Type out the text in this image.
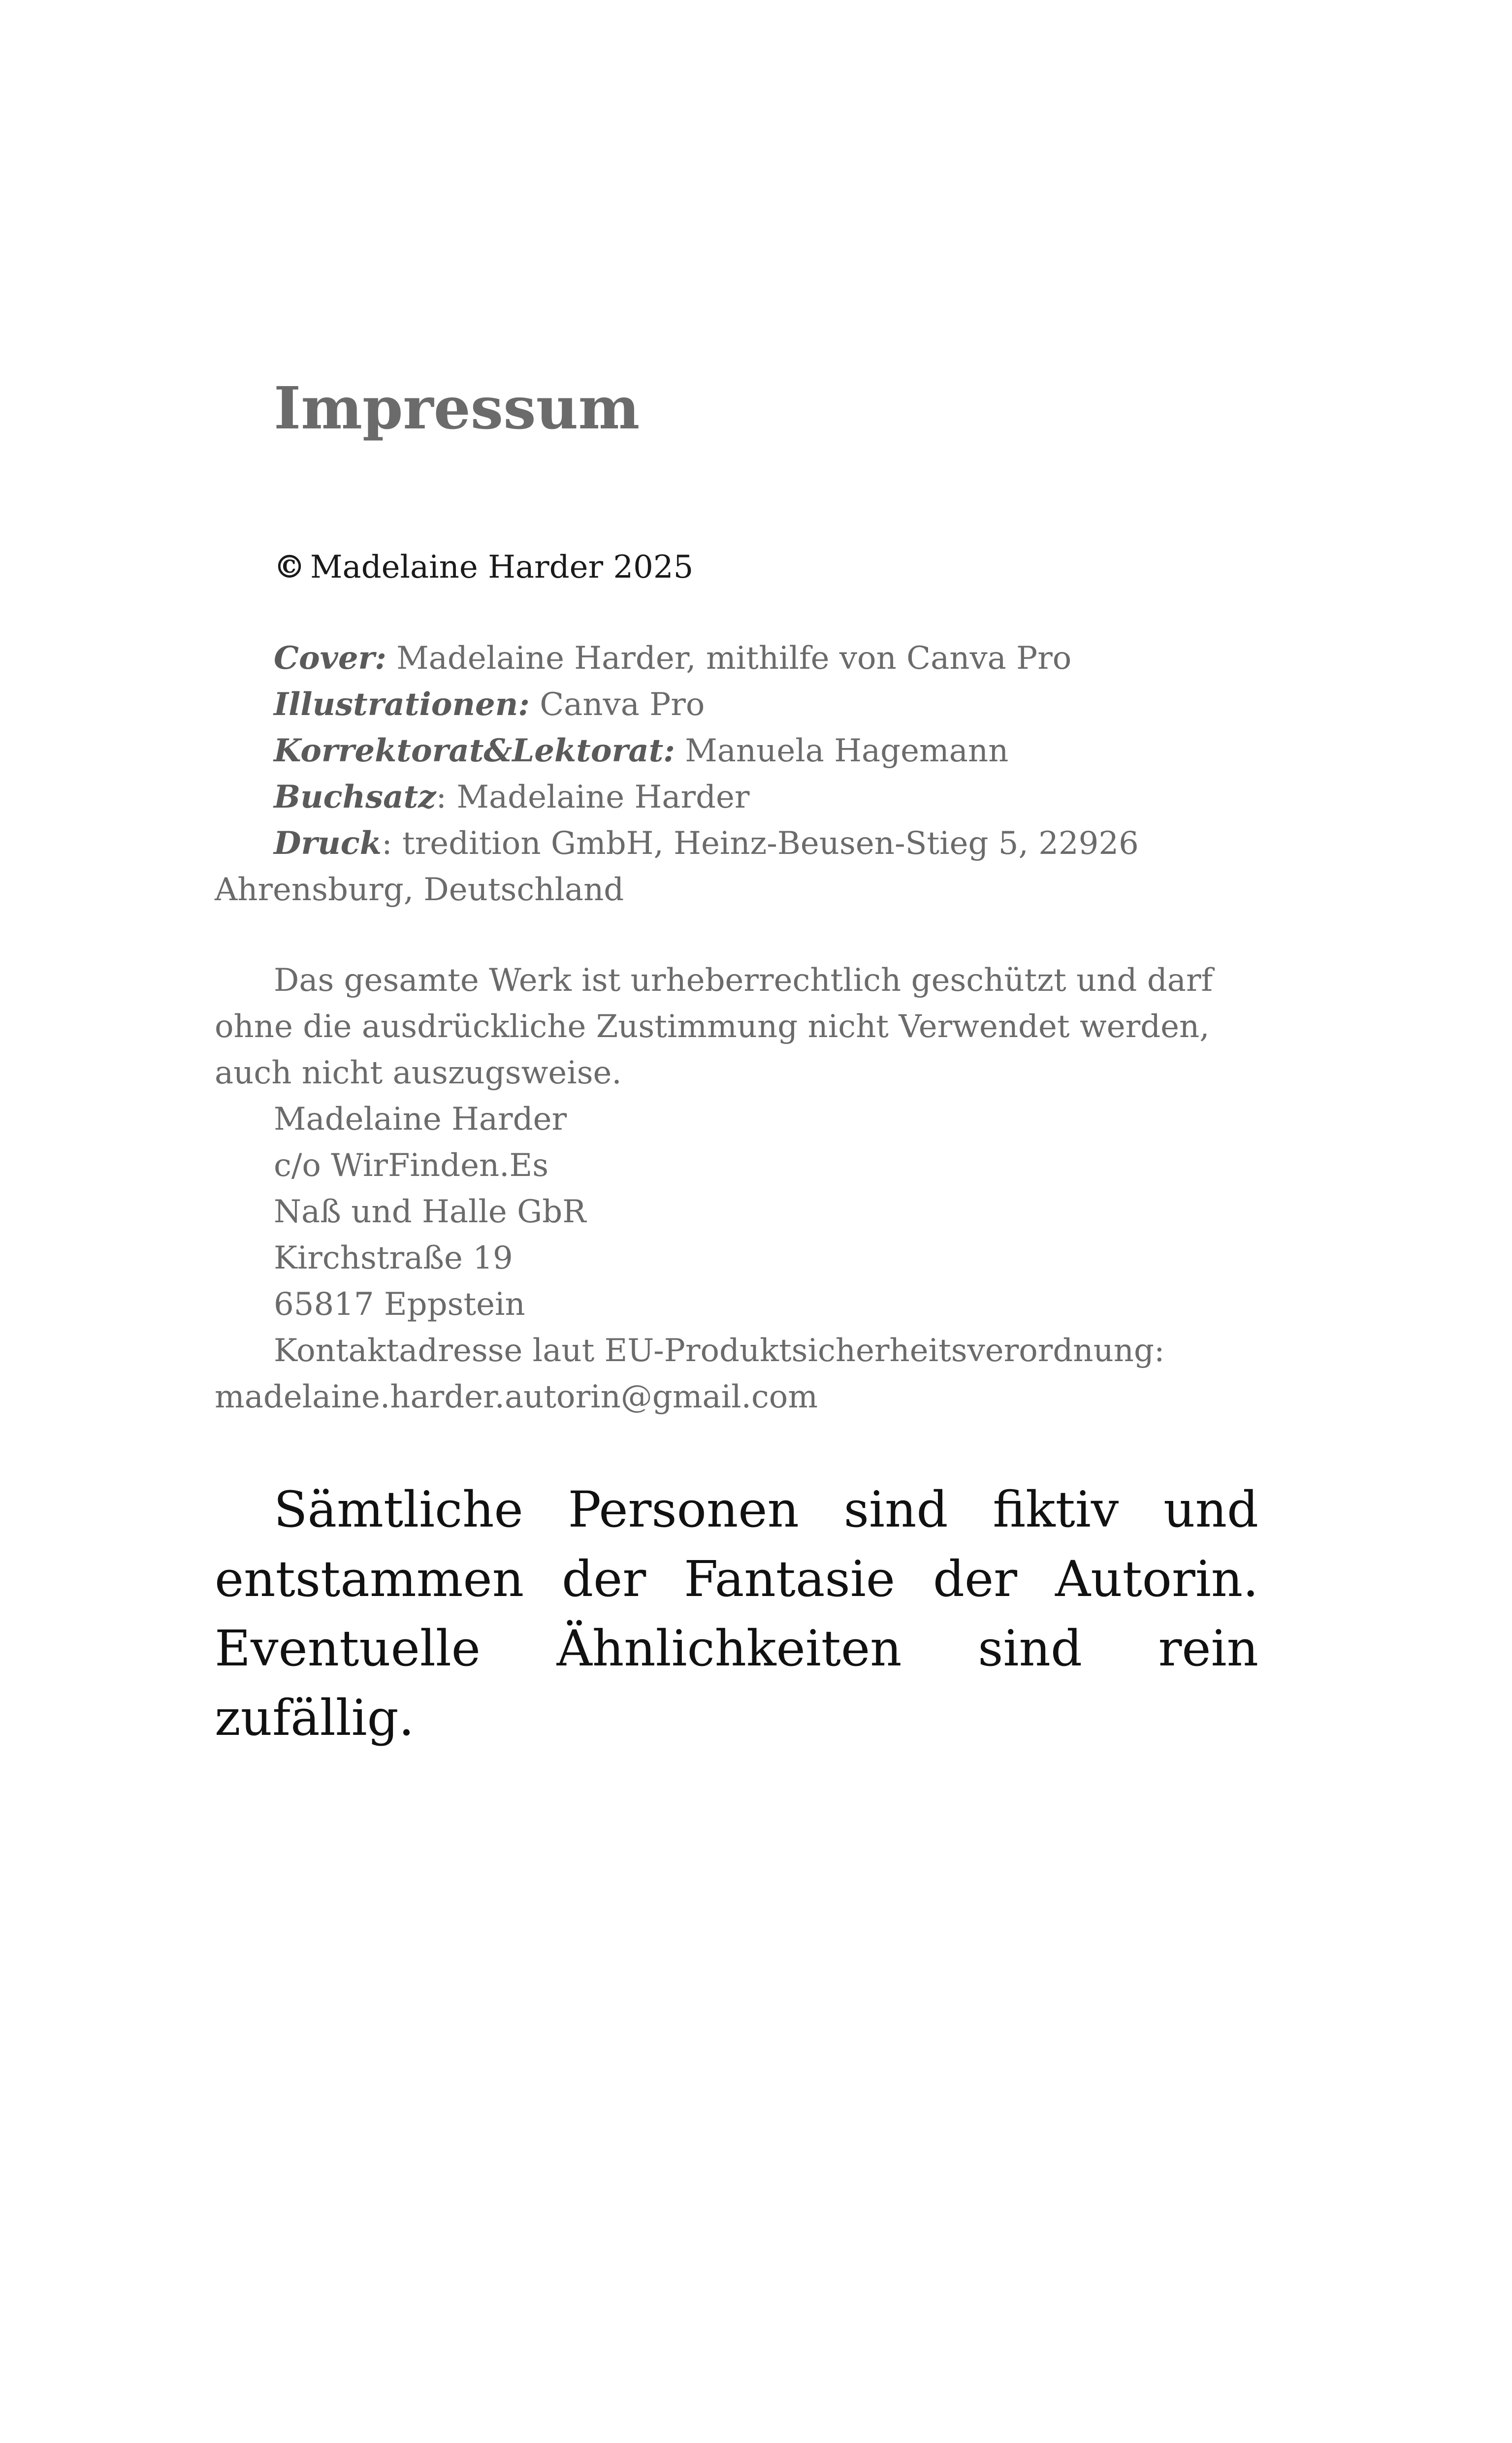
Impressum

© Madelaine Harder 2025

Cover: Madelaine Harder, mithilfe von Canva Pro

Illustrationen: Canva Pro

Korrektorat&Lektorat: Manuela Hagemann

Buchsatz: Madelaine Harder

Druck: tredition GmbH, Heinz-Beusen-Stieg 5, 22926

Ahrensburg, Deutschland

Das gesamte Werk ist urheberrechtlich geschützt und darf ohne die ausdrückliche Zustimmung nicht Verwendet werden, auch nicht auszugsweise.

Madelaine Harder

c/o WirFinden.Es

Naß und Halle GbR

Kirchstraße 19

65817 Eppstein

Kontaktadresse laut EU-Produktsicherheitsverordnung:

madelaine.harder.autorin@gmail.com

Sämtliche Personen sind fiktiv und entstammen der Fantasie der Autorin. Eventuelle Ähnlichkeiten sind rein zufällig.
